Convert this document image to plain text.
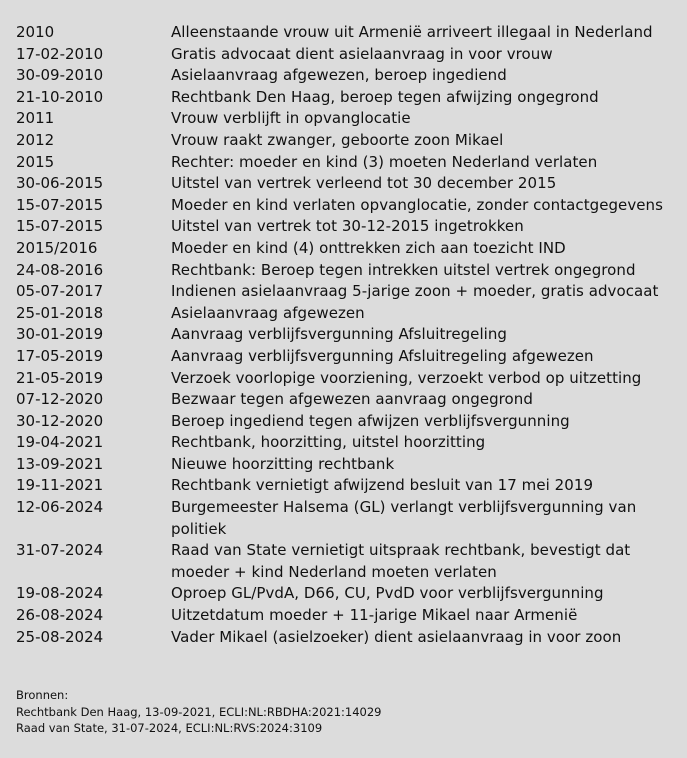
2010	Alleenstaande vrouw uit Armenië arriveert illegaal in Nederland
17-02-2010	Gratis advocaat dient asielaanvraag in voor vrouw
30-09-2010	Asielaanvraag afgewezen, beroep ingediend
21-10-2010	Rechtbank Den Haag, beroep tegen afwijzing ongegrond
2011	Vrouw verblijft in opvanglocatie
2012	Vrouw raakt zwanger, geboorte zoon Mikael
2015	Rechter: moeder en kind (3) moeten Nederland verlaten
30-06-2015	Uitstel van vertrek verleend tot 30 december 2015
15-07-2015	Moeder en kind verlaten opvanglocatie, zonder contactgegevens
15-07-2015	Uitstel van vertrek tot 30-12-2015 ingetrokken
2015/2016	Moeder en kind (4) onttrekken zich aan toezicht IND
24-08-2016	Rechtbank: Beroep tegen intrekken uitstel vertrek ongegrond
05-07-2017	Indienen asielaanvraag 5-jarige zoon + moeder, gratis advocaat
25-01-2018	Asielaanvraag afgewezen
30-01-2019	Aanvraag verblijfsvergunning Afsluitregeling
17-05-2019	Aanvraag verblijfsvergunning Afsluitregeling afgewezen
21-05-2019	Verzoek voorlopige voorziening, verzoekt verbod op uitzetting
07-12-2020	Bezwaar tegen afgewezen aanvraag ongegrond
30-12-2020	Beroep ingediend tegen afwijzen verblijfsvergunning
19-04-2021	Rechtbank, hoorzitting, uitstel hoorzitting
13-09-2021	Nieuwe hoorzitting rechtbank
19-11-2021	Rechtbank vernietigt afwijzend besluit van 17 mei 2019
12-06-2024	Burgemeester Halsema (GL) verlangt verblijfsvergunning van politiek
31-07-2024	Raad van State vernietigt uitspraak rechtbank, bevestigt dat moeder + kind Nederland moeten verlaten
19-08-2024	Oproep GL/PvdA, D66, CU, PvdD voor verblijfsvergunning
26-08-2024	Uitzetdatum moeder + 11-jarige Mikael naar Armenië
25-08-2024	Vader Mikael (asielzoeker) dient asielaanvraag in voor zoon
Bronnen:
Rechtbank Den Haag, 13-09-2021, ECLI:NL:RBDHA:2021:14029
Raad van State, 31-07-2024, ECLI:NL:RVS:2024:3109
